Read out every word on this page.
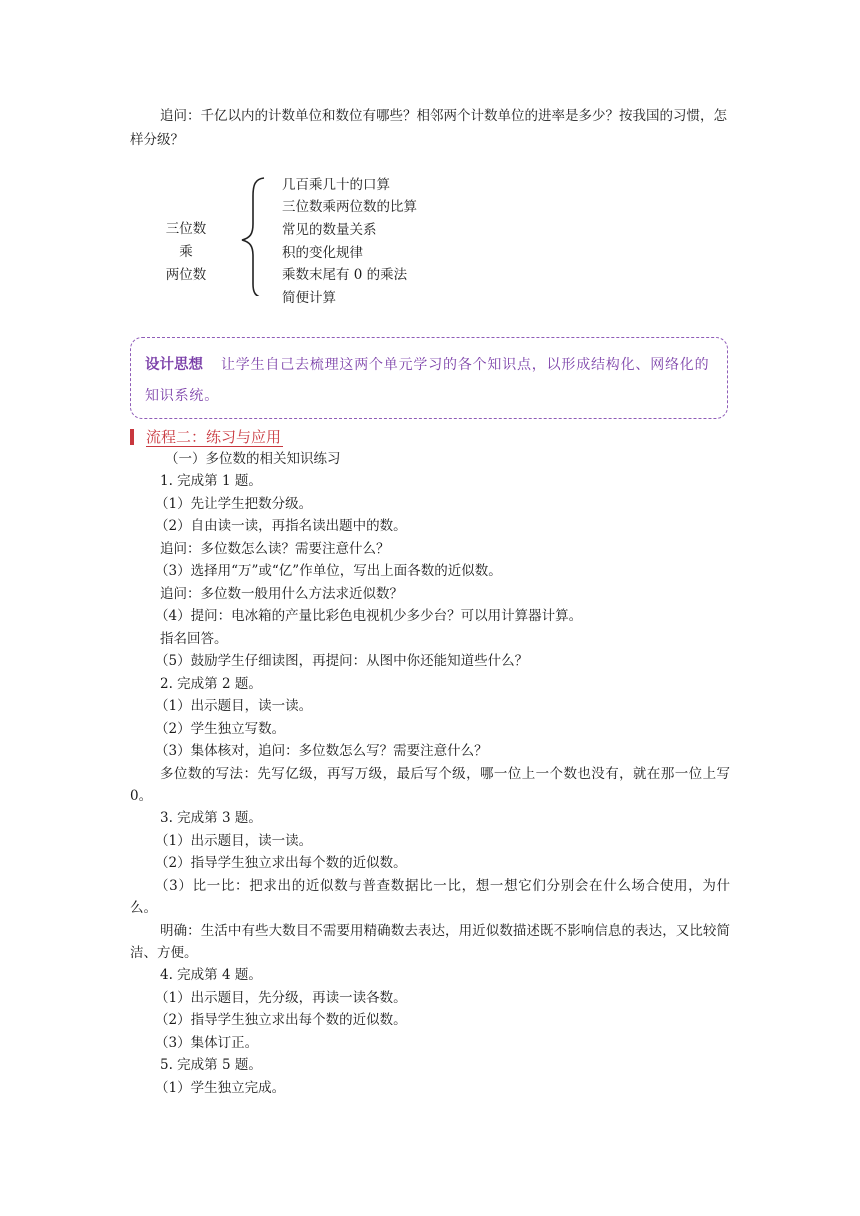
追问：千亿以内的计数单位和数位有哪些？相邻两个计数单位的进率是多少？按我国的习惯，怎样分级？
三位数
乘
两位数
几百乘几十的口算
三位数乘两位数的比算
常见的数量关系
积的变化规律
乘数末尾有 0 的乘法
简便计算
设计思想 让学生自己去梳理这两个单元学习的各个知识点，以形成结构化、网络化的知识系统。
流程二：练习与应用
（一）多位数的相关知识练习
1. 完成第 1 题。
（1）先让学生把数分级。
（2）自由读一读，再指名读出题中的数。
追问：多位数怎么读？需要注意什么？
（3）选择用“万”或“亿”作单位，写出上面各数的近似数。
追问：多位数一般用什么方法求近似数？
（4）提问：电冰箱的产量比彩色电视机少多少台？可以用计算器计算。
指名回答。
（5）鼓励学生仔细读图，再提问：从图中你还能知道些什么？
2. 完成第 2 题。
（1）出示题目，读一读。
（2）学生独立写数。
（3）集体核对，追问：多位数怎么写？需要注意什么？
多位数的写法：先写亿级，再写万级，最后写个级，哪一位上一个数也没有，就在那一位上写 0。
3. 完成第 3 题。
（1）出示题目，读一读。
（2）指导学生独立求出每个数的近似数。
（3）比一比：把求出的近似数与普查数据比一比，想一想它们分别会在什么场合使用，为什么。
明确：生活中有些大数目不需要用精确数去表达，用近似数描述既不影响信息的表达，又比较简洁、方便。
4. 完成第 4 题。
（1）出示题目，先分级，再读一读各数。
（2）指导学生独立求出每个数的近似数。
（3）集体订正。
5. 完成第 5 题。
（1）学生独立完成。
